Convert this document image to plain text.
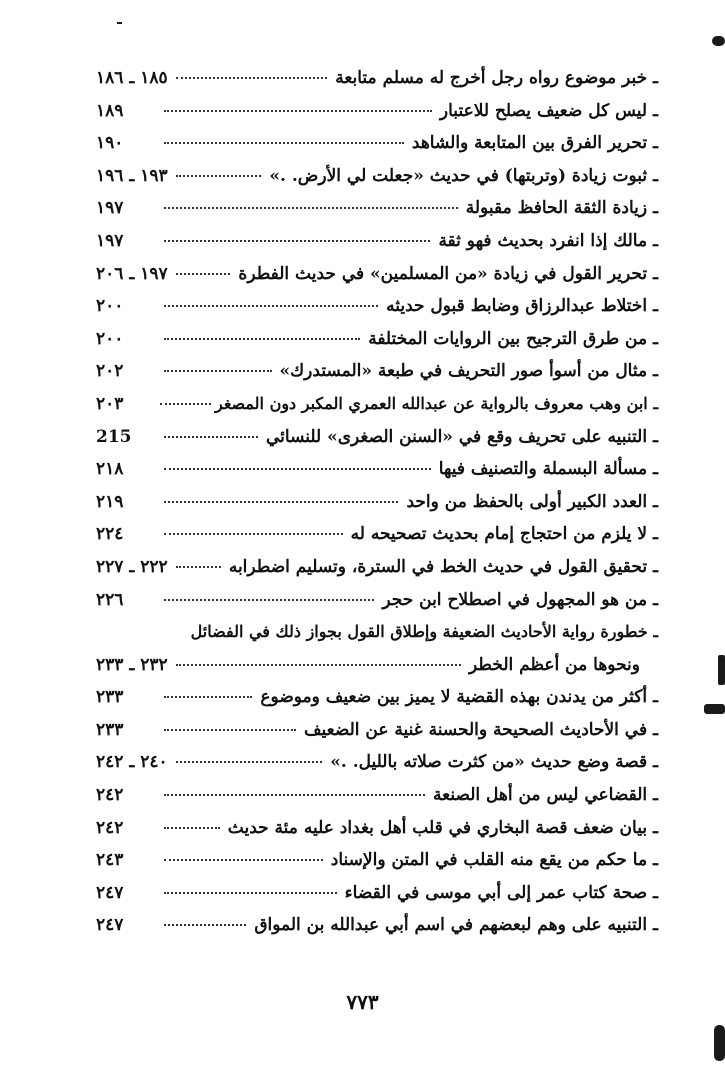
ـ خبر موضوع رواه رجل أخرج له مسلم متابعة
١٨٥ ـ ١٨٦
ـ ليس كل ضعيف يصلح للاعتبار
١٨٩
ـ تحرير الفرق بين المتابعة والشاهد
١٩٠
ـ ثبوت زيادة (وتربتها) في حديث «جعلت لي الأرض. .»
١٩٣ ـ ١٩٦
ـ زيادة الثقة الحافظ مقبولة
١٩٧
ـ مالك إذا انفرد بحديث فهو ثقة
١٩٧
ـ تحرير القول في زيادة «من المسلمين» في حديث الفطرة
١٩٧ ـ ٢٠٦
ـ اختلاط عبدالرزاق وضابط قبول حديثه
٢٠٠
ـ من طرق الترجيح بين الروايات المختلفة
٢٠٠
ـ مثال من أسوأ صور التحريف في طبعة «المستدرك»
٢٠٢
ـ ابن وهب معروف بالرواية عن عبدالله العمري المكبر دون المصغر
٢٠٣
ـ التنبيه على تحريف وقع في «السنن الصغرى» للنسائي
215
ـ مسألة البسملة والتصنيف فيها
٢١٨
ـ العدد الكبير أولى بالحفظ من واحد
٢١٩
ـ لا يلزم من احتجاج إمام بحديث تصحيحه له
٢٢٤
ـ تحقيق القول في حديث الخط في السترة، وتسليم اضطرابه
٢٢٢ ـ ٢٢٧
ـ من هو المجهول في اصطلاح ابن حجر
٢٢٦
ـ خطورة رواية الأحاديث الضعيفة وإطلاق القول بجواز ذلك في الفضائل
ونحوها من أعظم الخطر
٢٣٢ ـ ٢٣٣
ـ أكثر من يدندن بهذه القضية لا يميز بين ضعيف وموضوع
٢٣٣
ـ في الأحاديث الصحيحة والحسنة غنية عن الضعيف
٢٣٣
ـ قصة وضع حديث «من كثرت صلاته بالليل. .»
٢٤٠ ـ ٢٤٢
ـ القضاعي ليس من أهل الصنعة
٢٤٢
ـ بيان ضعف قصة البخاري في قلب أهل بغداد عليه مئة حديث
٢٤٢
ـ ما حكم من يقع منه القلب في المتن والإسناد
٢٤٣
ـ صحة كتاب عمر إلى أبي موسى في القضاء
٢٤٧
ـ التنبيه على وهم لبعضهم في اسم أبي عبدالله بن المواق
٢٤٧
٧٧٣
